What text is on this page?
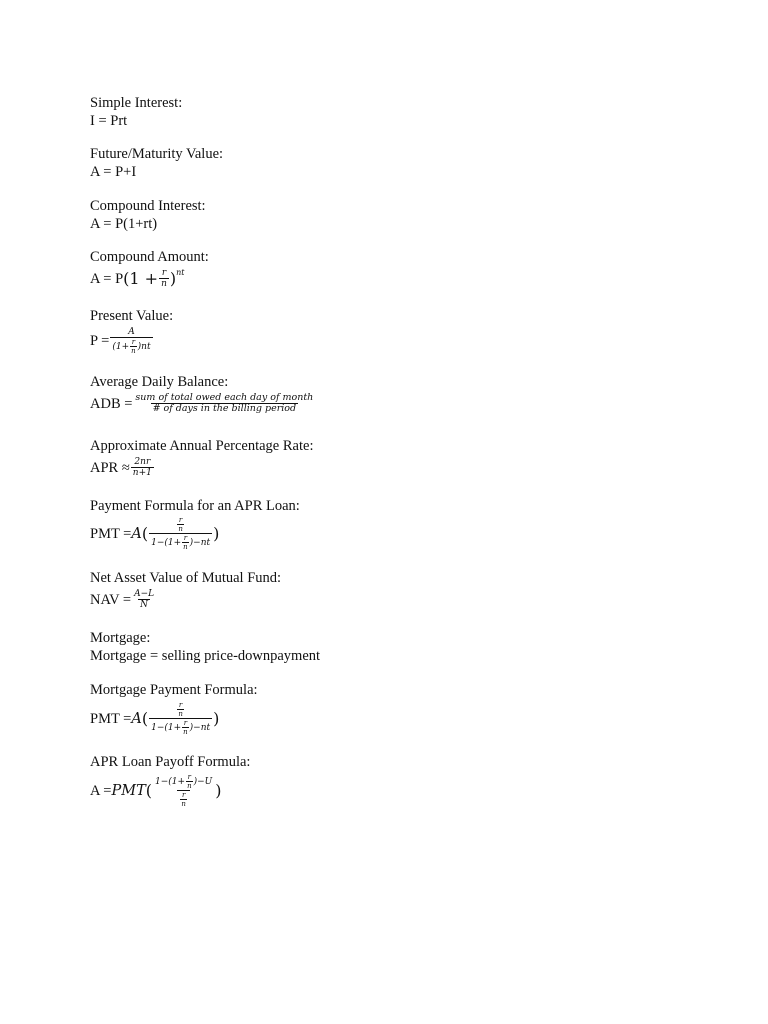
Simple Interest:
I = Prt
Future/Maturity Value:
A = P+I
Compound Interest:
A = P(1+rt)
Compound Amount:
A = P ($1 + \frac{r}{n}$ ) nt
Present Value:
P =
A
$(1+ \frac{r}{n} )nt$
Average Daily Balance:
ADB = $\frac{\text{sum of total owed each day of month}}{\text{\# of days in the billing period}}$
Approximate Annual Percentage Rate:
APR ≈ $\frac{2nr}{n+1}$
Payment Formula for an APR Loan:
PMT = A (	$\frac{r}{n}$
$1-(1+ \frac{r}{n} )-nt$ )
Net Asset Value of Mutual Fund:
NAV = $\frac{A-L}{N}$
Mortgage:
Mortgage = selling price-downpayment
Mortgage Payment Formula:
PMT = A (	$\frac{r}{n}$
$1-(1+ \frac{r}{n} )-nt$ )
APR Loan Payoff Formula:
A = PMT ( $1-(1+ \frac{r}{n} )-U$
$\frac{r}{n}$ )
